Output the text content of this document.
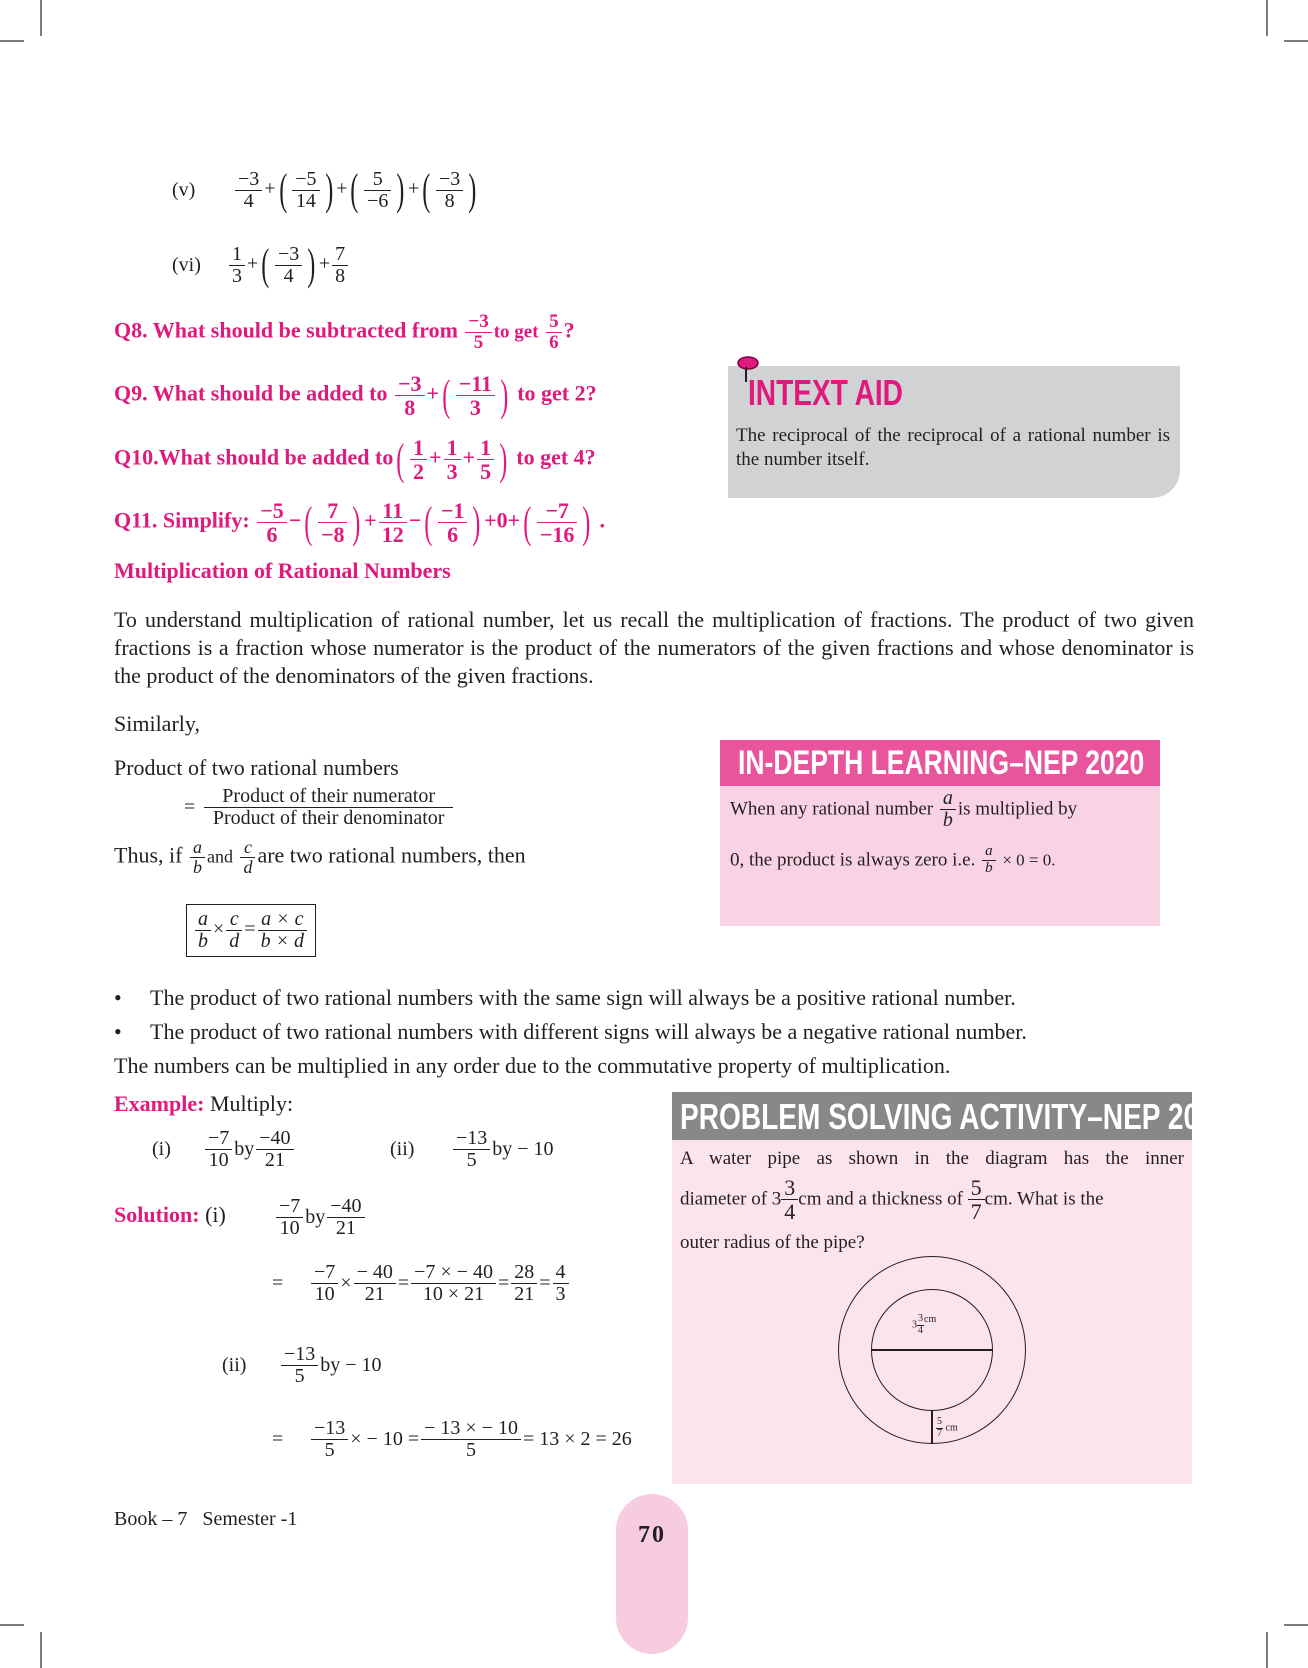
$(v) \frac{-3}{4}$ +( $\frac{-5}{14}$ ) +( $\frac{5}{-6}$ ) +( $\frac{-3}{8}$ )
$(vi) \frac{1}{3}$ +( $\frac{-3}{4}$ ) + $\frac{7}{8}$
Q8. What should be subtracted from $\frac{-3}{5}$ to get $\frac{5}{6}$ ?
Q9. What should be added to $\frac{-3}{8}$ +( $\frac{-11}{3}$ ) to get 2?
Q10.What should be added $to( \frac{1}{2} + \frac{1}{3} + \frac{1}{5}$ ) to get 4?
Q11. Simplify: $\frac{-5}{6}$ −( $\frac{7}{-8}$ ) + $\frac{11}{12}$ −( $\frac{-1}{6}$ ) $+0+( \frac{-7}{-16}$ ) .
INTEXT AID
The reciprocal of the reciprocal of a rational number is the number itself.
Multiplication of Rational Numbers
To understand multiplication of rational number, let us recall the multiplication of fractions. The product of two given fractions is a fraction whose numerator is the product of the numerators of the given fractions and whose denominator is the product of the denominators of the given fractions.
Similarly,
Product of two rational numbers
= $\frac{\text{Product of their numerator}}{\text{Product of their denominator}}$
Thus, if $\frac{a}{b}$ and $\frac{c}{d}$ are two rational numbers, then
$\frac{a}{b} \times \frac{c}{d} = \frac{a \times c}{b \times d}$
IN-DEPTH LEARNING–NEP 2020
When any rational number $\frac{a}{b}$ is multiplied by
0, the product is always zero i.e. $\frac{a}{b} \times 0 = 0$.
• The product of two rational numbers with the same sign will always be a positive rational number.
• The product of two rational numbers with different signs will always be a negative rational number.
The numbers can be multiplied in any order due to the commutative property of multiplication.
Example: Multiply:
$(i) \frac{-7}{10}$ by $\frac{-40}{21}$	$(ii) \frac{-13}{5}$ by − 10
Solution: (i)	$\frac{-7}{10}$ by $\frac{-40}{21}$
= $\frac{-7}{10} \times \frac{- 40}{21} = \frac{-7 \times - 40}{10 \times 21} = \frac{28}{21} = \frac{4}{3}$
$(ii) \frac{-13}{5}$ by − 10
= $\frac{-13}{5}$ × − $10 = \frac{- 13 \times - 10}{5} = 13 \times 2 = 26$
PROBLEM SOLVING ACTIVITY–NEP 2020
A water pipe as shown in the diagram has the inner
diameter of $3 \frac{3}{4}$ cm and a thickness of $\frac{5}{7}$ cm. What is the
outer radius of the pipe?
$3 \frac{3}{4}$ cm
$\frac{5}{7}$ cm
Book – 7 Semester -1
70
